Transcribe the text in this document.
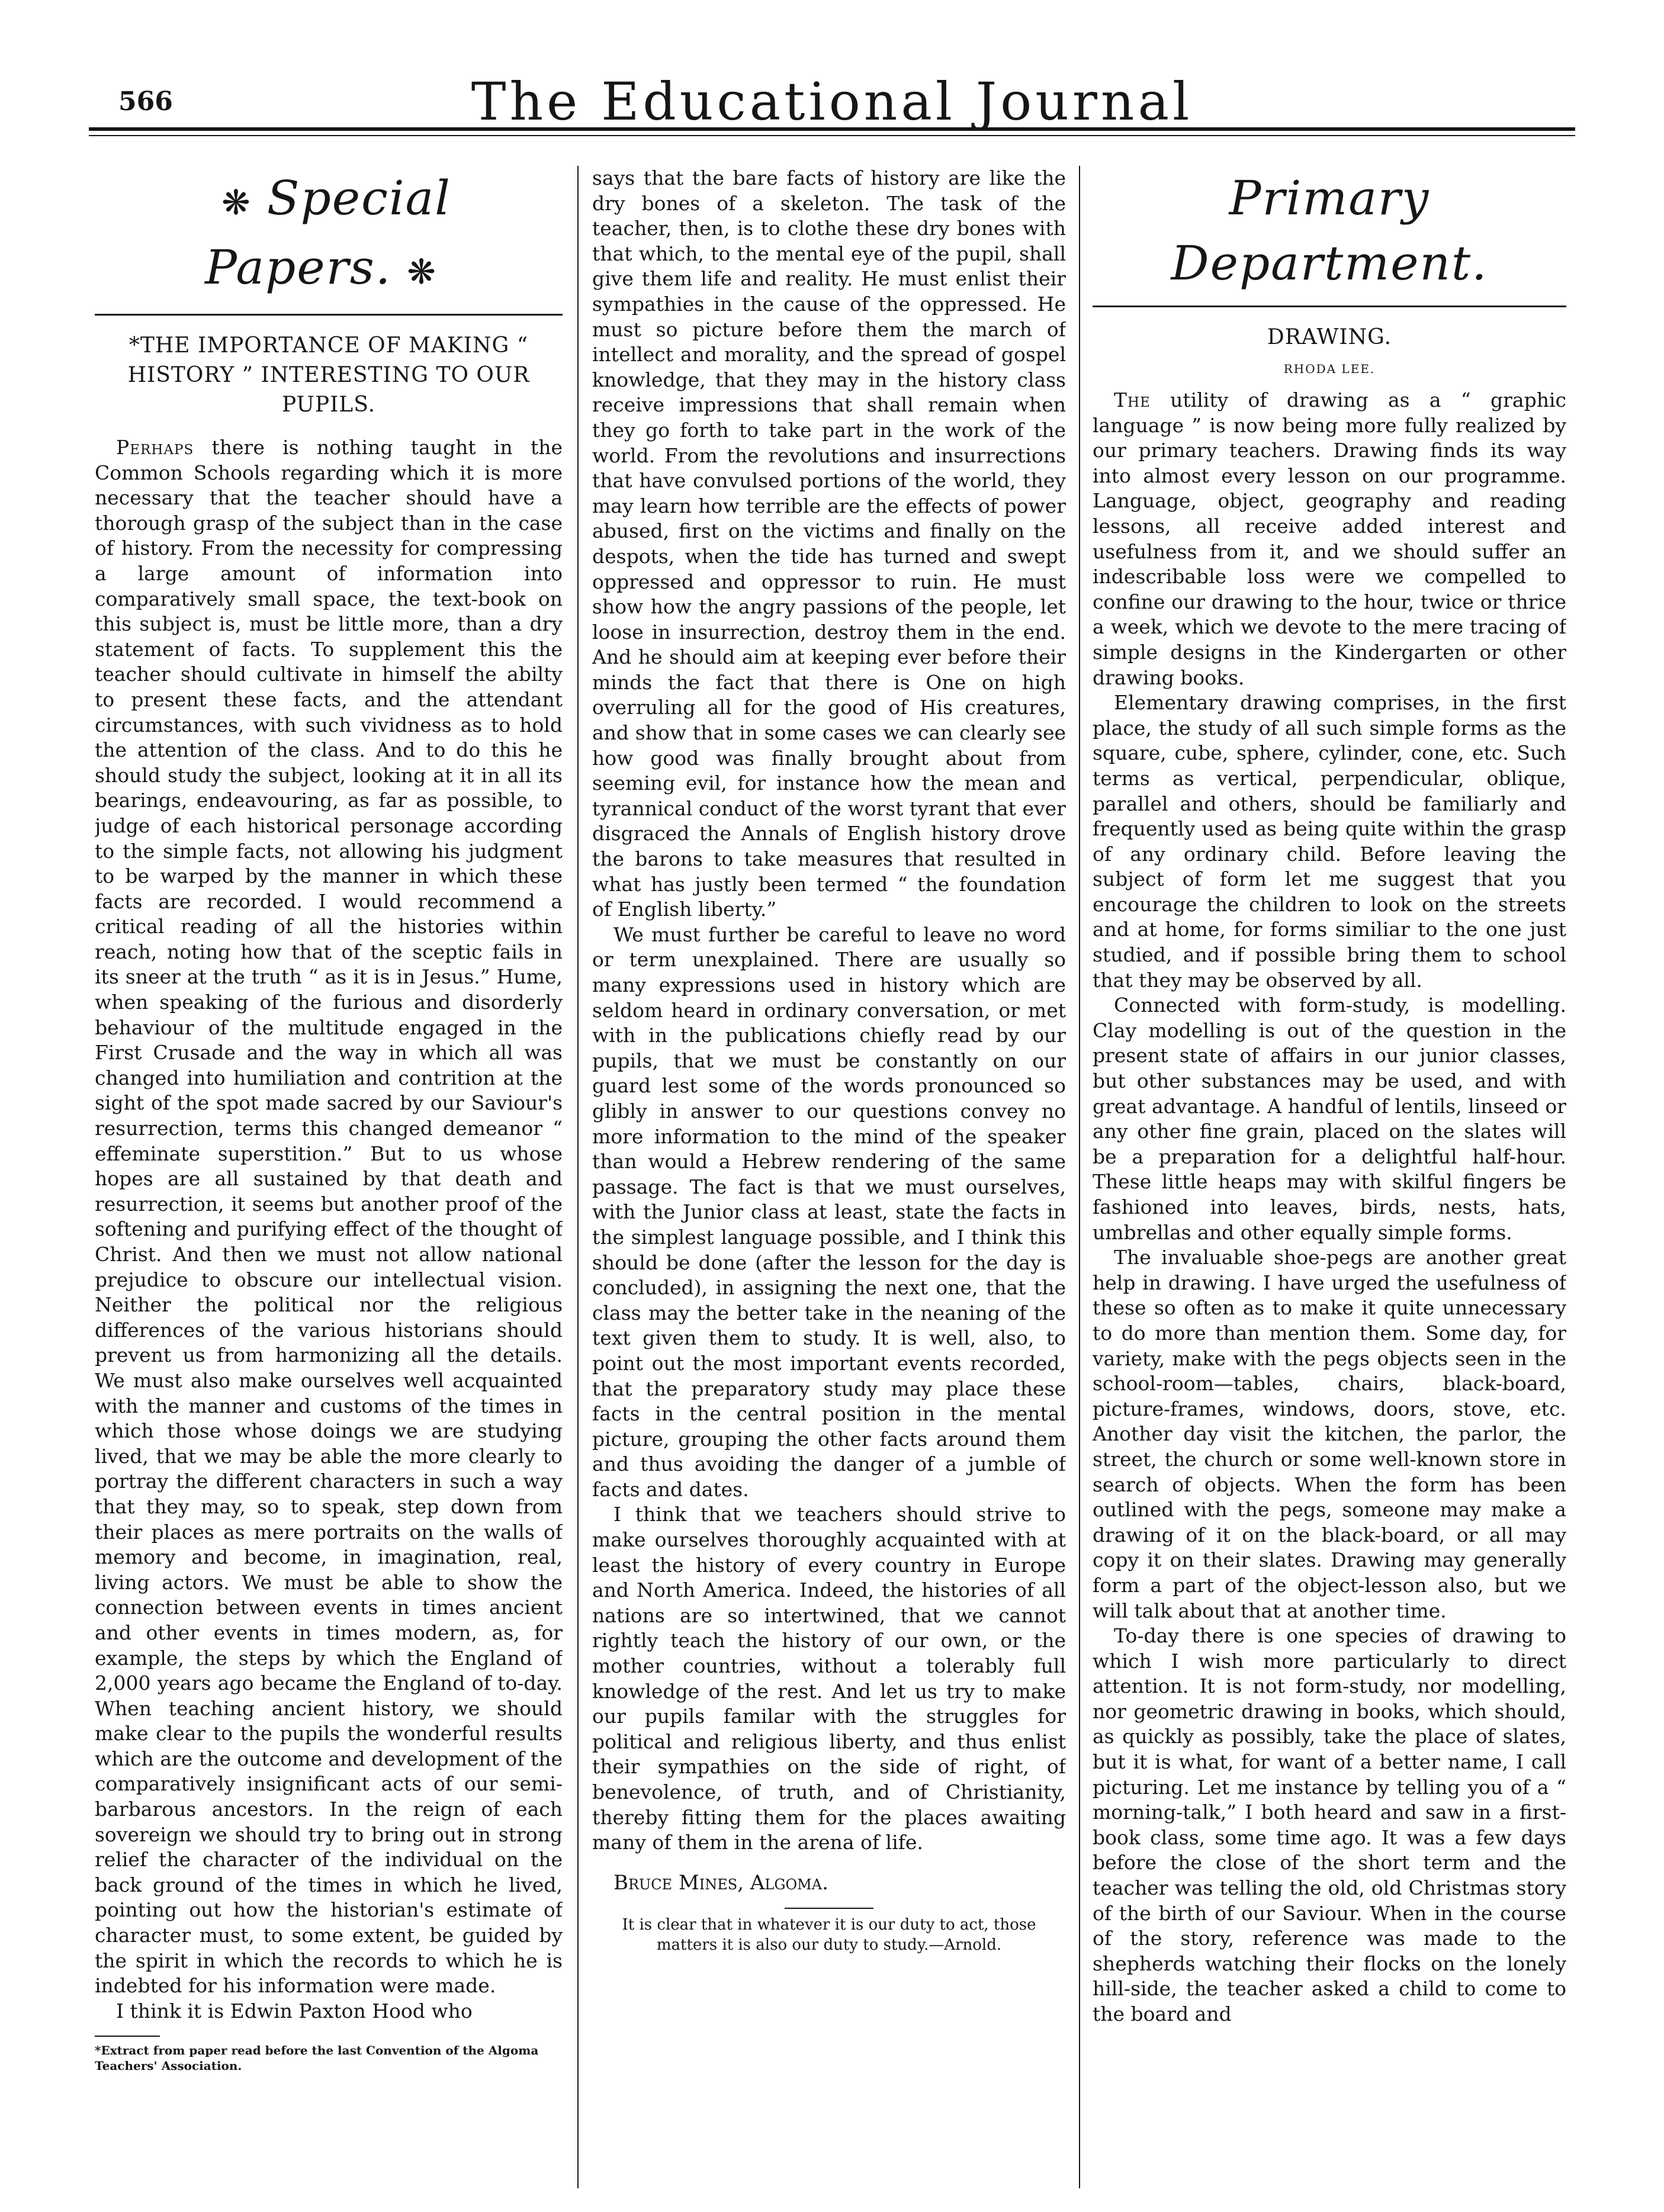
566	The Educational Journal
❋ Special Papers. ❋
*THE IMPORTANCE OF MAKING “ HISTORY ” INTERESTING TO OUR PUPILS.

Perhaps there is nothing taught in the Common Schools regarding which it is more necessary that the teacher should have a thorough grasp of the subject than in the case of history. From the necessity for compressing a large amount of information into comparatively small space, the text-book on this subject is, must be little more, than a dry statement of facts. To supplement this the teacher should cultivate in himself the abilty to present these facts, and the attendant circumstances, with such vividness as to hold the attention of the class. And to do this he should study the subject, looking at it in all its bearings, endeavouring, as far as possible, to judge of each historical personage according to the simple facts, not allowing his judgment to be warped by the manner in which these facts are recorded. I would recommend a critical reading of all the histories within reach, noting how that of the sceptic fails in its sneer at the truth “ as it is in Jesus.” Hume, when speaking of the furious and disorderly behaviour of the multitude engaged in the First Crusade and the way in which all was changed into humiliation and contrition at the sight of the spot made sacred by our Saviour's resurrection, terms this changed demeanor “ effeminate superstition.” But to us whose hopes are all sustained by that death and resurrection, it seems but another proof of the softening and purifying effect of the thought of Christ. And then we must not allow national prejudice to obscure our intellectual vision. Neither the political nor the religious differences of the various historians should prevent us from harmonizing all the details. We must also make ourselves well acquainted with the manner and customs of the times in which those whose doings we are studying lived, that we may be able the more clearly to portray the different characters in such a way that they may, so to speak, step down from their places as mere portraits on the walls of memory and become, in imagination, real, living actors. We must be able to show the connection between events in times ancient and other events in times modern, as, for example, the steps by which the England of 2,000 years ago became the England of to-day. When teaching ancient history, we should make clear to the pupils the wonderful results which are the outcome and development of the comparatively insignificant acts of our semi-barbarous ancestors. In the reign of each sovereign we should try to bring out in strong relief the character of the individual on the back ground of the times in which he lived, pointing out how the historian's estimate of character must, to some extent, be guided by the spirit in which the records to which he is indebted for his information were made.

I think it is Edwin Paxton Hood who

*Extract from paper read before the last Convention of the Algoma Teachers' Association.

says that the bare facts of history are like the dry bones of a skeleton. The task of the teacher, then, is to clothe these dry bones with that which, to the mental eye of the pupil, shall give them life and reality. He must enlist their sympathies in the cause of the oppressed. He must so picture before them the march of intellect and morality, and the spread of gospel knowledge, that they may in the history class receive impressions that shall remain when they go forth to take part in the work of the world. From the revolutions and insurrections that have convulsed portions of the world, they may learn how terrible are the effects of power abused, first on the victims and finally on the despots, when the tide has turned and swept oppressed and oppressor to ruin. He must show how the angry passions of the people, let loose in insurrection, destroy them in the end. And he should aim at keeping ever before their minds the fact that there is One on high overruling all for the good of His creatures, and show that in some cases we can clearly see how good was finally brought about from seeming evil, for instance how the mean and tyrannical conduct of the worst tyrant that ever disgraced the Annals of English history drove the barons to take measures that resulted in what has justly been termed “ the foundation of English liberty.”

We must further be careful to leave no word or term unexplained. There are usually so many expressions used in history which are seldom heard in ordinary conversation, or met with in the publications chiefly read by our pupils, that we must be constantly on our guard lest some of the words pronounced so glibly in answer to our questions convey no more information to the mind of the speaker than would a Hebrew rendering of the same passage. The fact is that we must ourselves, with the Junior class at least, state the facts in the simplest language possible, and I think this should be done (after the lesson for the day is concluded), in assigning the next one, that the class may the better take in the neaning of the text given them to study. It is well, also, to point out the most important events recorded, that the preparatory study may place these facts in the central position in the mental picture, grouping the other facts around them and thus avoiding the danger of a jumble of facts and dates.

I think that we teachers should strive to make ourselves thoroughly acquainted with at least the history of every country in Europe and North America. Indeed, the histories of all nations are so intertwined, that we cannot rightly teach the history of our own, or the mother countries, without a tolerably full knowledge of the rest. And let us try to make our pupils familar with the struggles for political and religious liberty, and thus enlist their sympathies on the side of right, of benevolence, of truth, and of Christianity, thereby fitting them for the places awaiting many of them in the arena of life.

Bruce Mines, Algoma.
It is clear that in whatever it is our duty to act, those matters it is also our duty to study.—Arnold.
Primary Department.
DRAWING.
RHODA LEE.

The utility of drawing as a “ graphic language ” is now being more fully realized by our primary teachers. Drawing finds its way into almost every lesson on our programme. Language, object, geography and reading lessons, all receive added interest and usefulness from it, and we should suffer an indescribable loss were we compelled to confine our drawing to the hour, twice or thrice a week, which we devote to the mere tracing of simple designs in the Kindergarten or other drawing books.

Elementary drawing comprises, in the first place, the study of all such simple forms as the square, cube, sphere, cylinder, cone, etc. Such terms as vertical, perpendicular, oblique, parallel and others, should be familiarly and frequently used as being quite within the grasp of any ordinary child. Before leaving the subject of form let me suggest that you encourage the children to look on the streets and at home, for forms similiar to the one just studied, and if possible bring them to school that they may be observed by all.

Connected with form-study, is modelling. Clay modelling is out of the question in the present state of affairs in our junior classes, but other substances may be used, and with great advantage. A handful of lentils, linseed or any other fine grain, placed on the slates will be a preparation for a delightful half-hour. These little heaps may with skilful fingers be fashioned into leaves, birds, nests, hats, umbrellas and other equally simple forms.

The invaluable shoe-pegs are another great help in drawing. I have urged the usefulness of these so often as to make it quite unnecessary to do more than mention them. Some day, for variety, make with the pegs objects seen in the school-room—tables, chairs, black-board, picture-frames, windows, doors, stove, etc. Another day visit the kitchen, the parlor, the street, the church or some well-known store in search of objects. When the form has been outlined with the pegs, someone may make a drawing of it on the black-board, or all may copy it on their slates. Drawing may generally form a part of the object-lesson also, but we will talk about that at another time.

To-day there is one species of drawing to which I wish more particularly to direct attention. It is not form-study, nor modelling, nor geometric drawing in books, which should, as quickly as possibly, take the place of slates, but it is what, for want of a better name, I call picturing. Let me instance by telling you of a “ morning-talk,” I both heard and saw in a first-book class, some time ago. It was a few days before the close of the short term and the teacher was telling the old, old Christmas story of the birth of our Saviour. When in the course of the story, reference was made to the shepherds watching their flocks on the lonely hill-side, the teacher asked a child to come to the board and
